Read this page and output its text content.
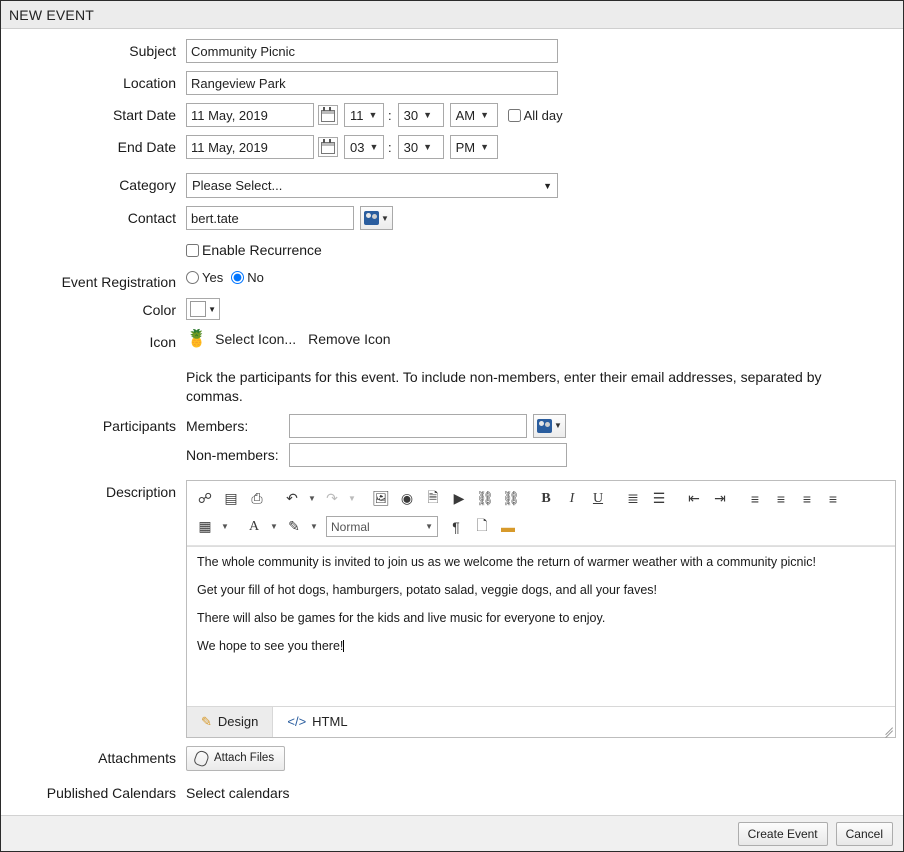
NEW EVENT
Subject
Community Picnic
Location
Rangeview Park
Start Date
11 May, 2019	11 ▼ : 30 ▼ AM ▼	All day
End Date
11 May, 2019	03 ▼ : 30 ▼ PM ▼
Category	Please Select...	▼
Contact
bert.tate	▼
Enable Recurrence
Event Registration	Yes No
Color	▼
Icon 🍍 Select Icon... Remove Icon
Pick the participants for this event. To include non-members, enter their email addresses, separated by commas.
Participants Members:	▼
Non-members:
Description	☍ ▤ ⎙	↶	▼ ↷	▼ 🖼 ◉	🗎	▶ ⛓ ⛓	B	I	U	≣ ☰	⇤	⇥	≡	≡	≡	≡
▦	▼	A	▼ ✎	▼ Normal	▼	¶	🗋 ▬

The whole community is invited to join us as we welcome the return of warmer weather with a community picnic!

Get your fill of hot dogs, hamburgers, potato salad, veggie dogs, and all your faves!

There will also be games for the kids and live music for everyone to enjoy.

We hope to see you there!

✎ Design </> HTML
Attachments	Attach Files
Published Calendars Select calendars
Create Event	Cancel
